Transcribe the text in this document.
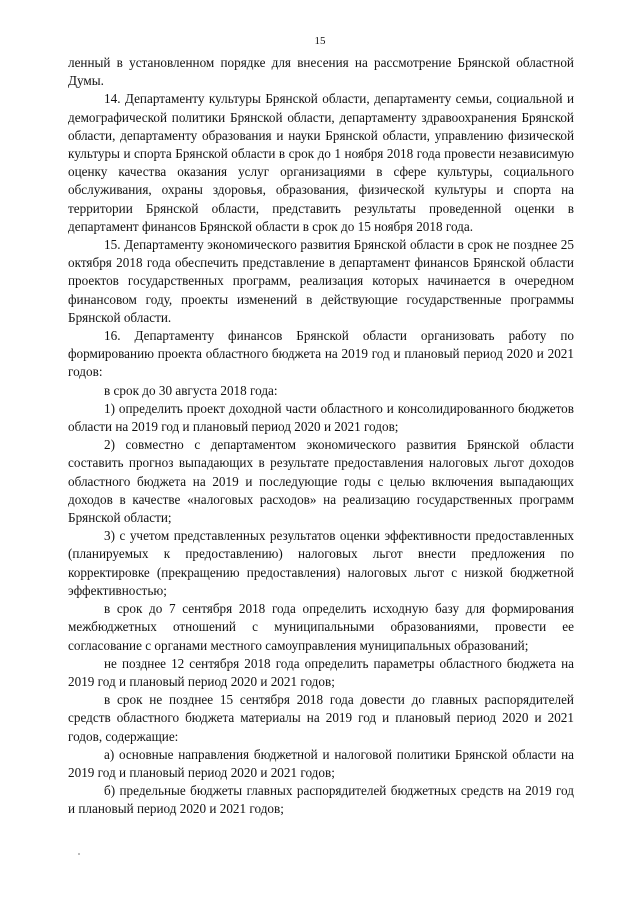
15

ленный в установленном порядке для внесения на рассмотрение Брянской областной Думы.

14. Департаменту культуры Брянской области, департаменту семьи, социальной и демографической политики Брянской области, департаменту здравоохранения Брянской области, департаменту образования и науки Брянской области, управлению физической культуры и спорта Брянской области в срок до 1 ноября 2018 года провести независимую оценку качества оказания услуг организациями в сфере культуры, социального обслуживания, охраны здоровья, образования, физической культуры и спорта на территории Брянской области, представить результаты проведенной оценки в департамент финансов Брянской области в срок до 15 ноября 2018 года.

15. Департаменту экономического развития Брянской области в срок не позднее 25 октября 2018 года обеспечить представление в департамент финансов Брянской области проектов государственных программ, реализация которых начинается в очередном финансовом году, проекты изменений в действующие государственные программы Брянской области.

16. Департаменту финансов Брянской области организовать работу по формированию проекта областного бюджета на 2019 год и плановый период 2020 и 2021 годов:

в срок до 30 августа 2018 года:

1) определить проект доходной части областного и консолидированного бюджетов области на 2019 год и плановый период 2020 и 2021 годов;

2) совместно с департаментом экономического развития Брянской области составить прогноз выпадающих в результате предоставления налоговых льгот доходов областного бюджета на 2019 и последующие годы с целью включения выпадающих доходов в качестве «налоговых расходов» на реализацию государственных программ Брянской области;

3) с учетом представленных результатов оценки эффективности предоставленных (планируемых к предоставлению) налоговых льгот внести предложения по корректировке (прекращению предоставления) налоговых льгот с низкой бюджетной эффективностью;

в срок до 7 сентября 2018 года определить исходную базу для формирования межбюджетных отношений с муниципальными образованиями, провести ее согласование с органами местного самоуправления муниципальных образований;

не позднее 12 сентября 2018 года определить параметры областного бюджета на 2019 год и плановый период 2020 и 2021 годов;

в срок не позднее 15 сентября 2018 года довести до главных распорядителей средств областного бюджета материалы на 2019 год и плановый период 2020 и 2021 годов, содержащие:

а) основные направления бюджетной и налоговой политики Брянской области на 2019 год и плановый период 2020 и 2021 годов;

б) предельные бюджеты главных распорядителей бюджетных средств на 2019 год и плановый период 2020 и 2021 годов;
